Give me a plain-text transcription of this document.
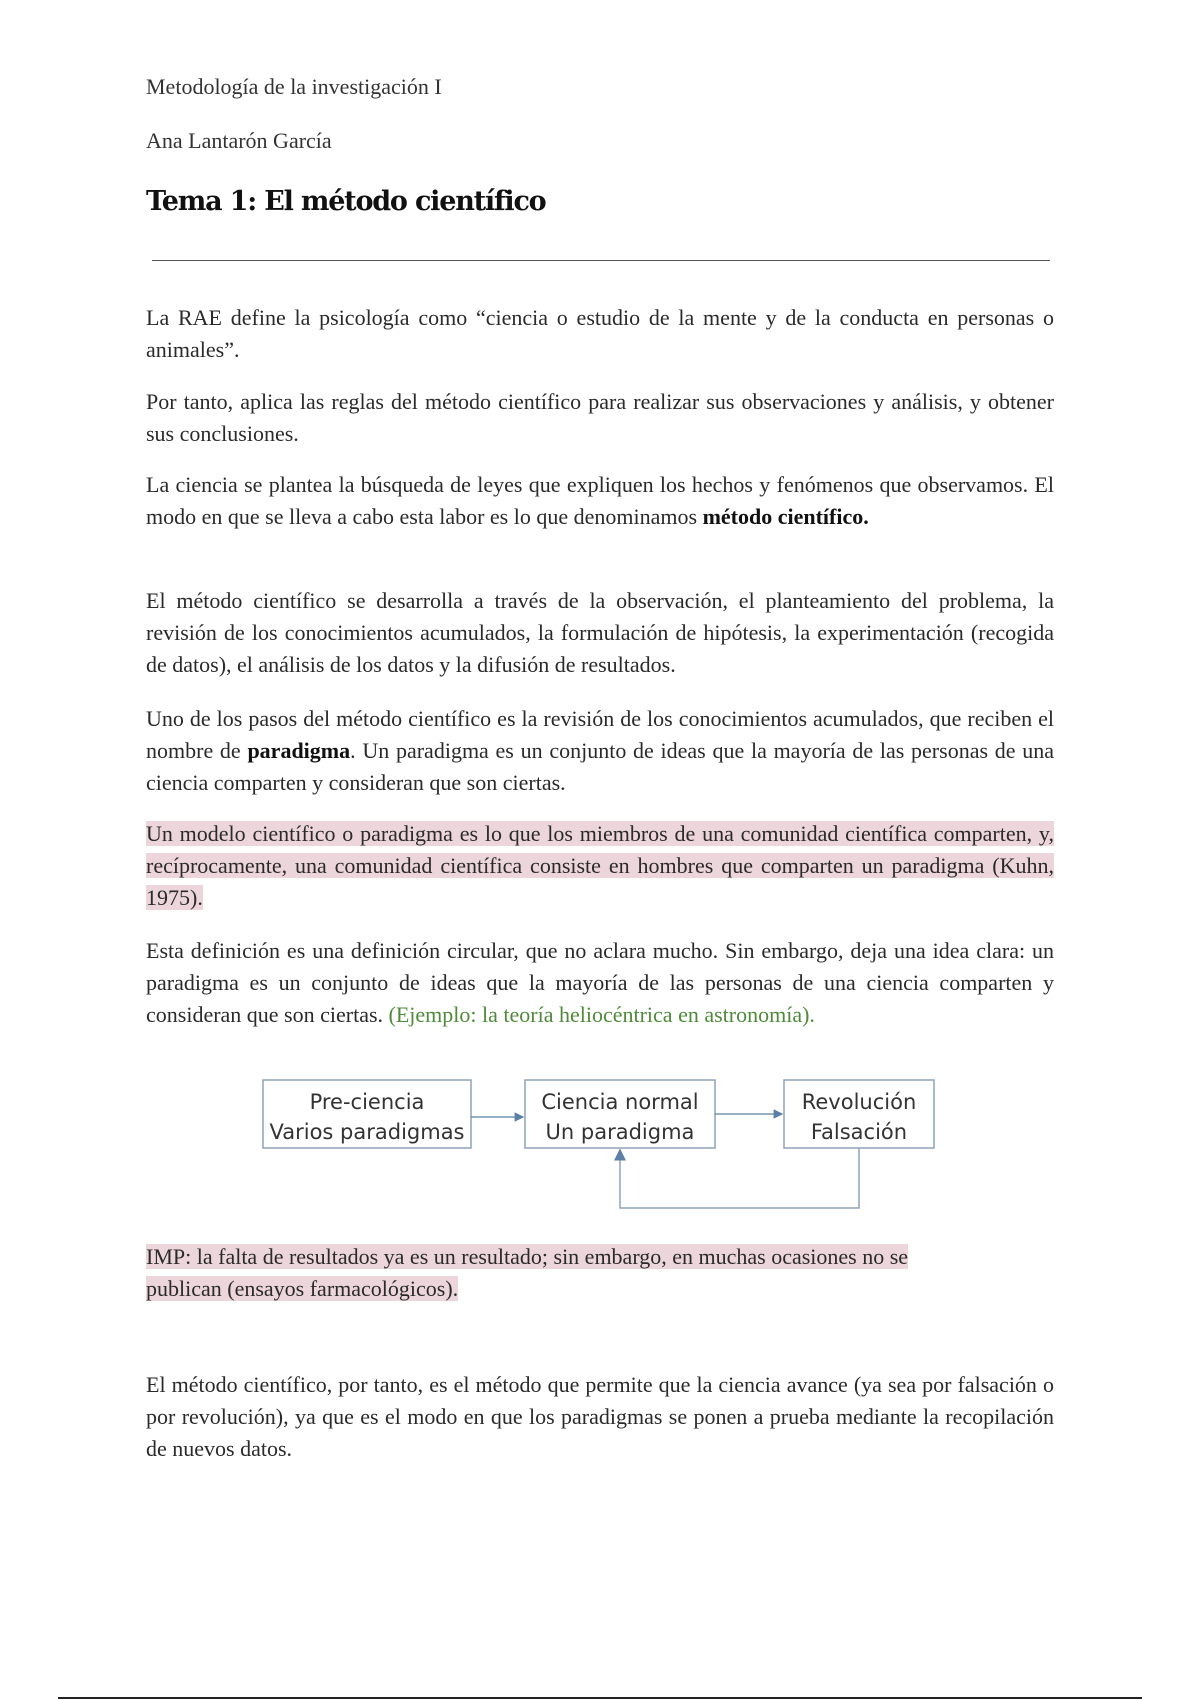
Metodología de la investigación I
Ana Lantarón García
Tema 1: El método científico

La RAE define la psicología como “ciencia o estudio de la mente y de la conducta en personas o animales”.

Por tanto, aplica las reglas del método científico para realizar sus observaciones y análisis, y obtener sus conclusiones.

La ciencia se plantea la búsqueda de leyes que expliquen los hechos y fenómenos que observamos. El modo en que se lleva a cabo esta labor es lo que denominamos método científico.

El método científico se desarrolla a través de la observación, el planteamiento del problema, la revisión de los conocimientos acumulados, la formulación de hipótesis, la experimentación (recogida de datos), el análisis de los datos y la difusión de resultados.

Uno de los pasos del método científico es la revisión de los conocimientos acumulados, que reciben el nombre de paradigma. Un paradigma es un conjunto de ideas que la mayoría de las personas de una ciencia comparten y consideran que son ciertas.

Un modelo científico o paradigma es lo que los miembros de una comunidad científica comparten, y, recíprocamente, una comunidad científica consiste en hombres que comparten un paradigma (Kuhn, 1975).

Esta definición es una definición circular, que no aclara mucho. Sin embargo, deja una idea clara: un paradigma es un conjunto de ideas que la mayoría de las personas de una ciencia comparten y consideran que son ciertas. (Ejemplo: la teoría heliocéntrica en astronomía).

Pre-ciencia
Varios paradigmas
Ciencia normal
Un paradigma
Revolución
Falsación

IMP: la falta de resultados ya es un resultado; sin embargo, en muchas ocasiones no se publican (ensayos farmacológicos).

El método científico, por tanto, es el método que permite que la ciencia avance (ya sea por falsación o por revolución), ya que es el modo en que los paradigmas se ponen a prueba mediante la recopilación de nuevos datos.
